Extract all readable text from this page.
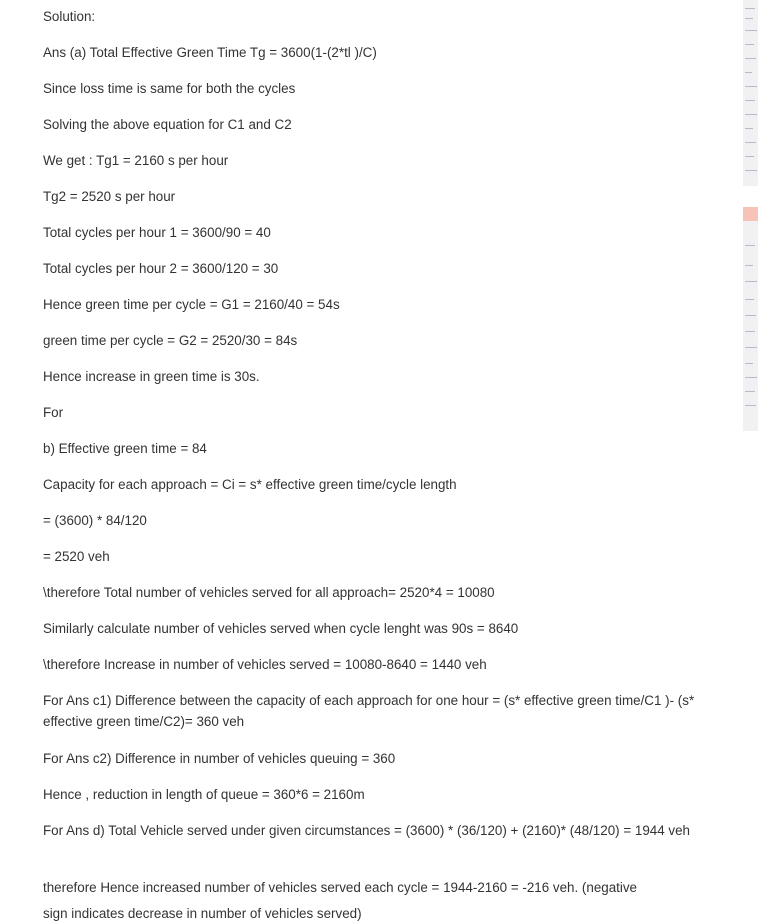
Solution:
Ans (a) Total Effective Green Time Tg = 3600(1-(2*tl )/C)
Since loss time is same for both the cycles
Solving the above equation for C1 and C2
We get : Tg1 = 2160 s per hour
Tg2 = 2520 s per hour
Total cycles per hour 1 = 3600/90 = 40
Total cycles per hour 2 = 3600/120 = 30
Hence green time per cycle = G1 = 2160/40 = 54s
green time per cycle = G2 = 2520/30 = 84s
Hence increase in green time is 30s.
For
b) Effective green time = 84
Capacity for each approach = Ci = s* effective green time/cycle length
= (3600) * 84/120
= 2520 veh
\therefore Total number of vehicles served for all approach= 2520*4 = 10080
Similarly calculate number of vehicles served when cycle lenght was 90s = 8640
\therefore Increase in number of vehicles served = 10080-8640 = 1440 veh
For Ans c1) Difference between the capacity of each approach for one hour = (s* effective green time/C1 )- (s* effective green time/C2)= 360 veh
For Ans c2) Difference in number of vehicles queuing = 360
Hence , reduction in length of queue = 360*6 = 2160m
For Ans d) Total Vehicle served under given circumstances = (3600) * (36/120) + (2160)* (48/120) = 1944 veh
therefore Hence increased number of vehicles served each cycle = 1944-2160 = -216 veh. (negative
sign indicates decrease in number of vehicles served)
